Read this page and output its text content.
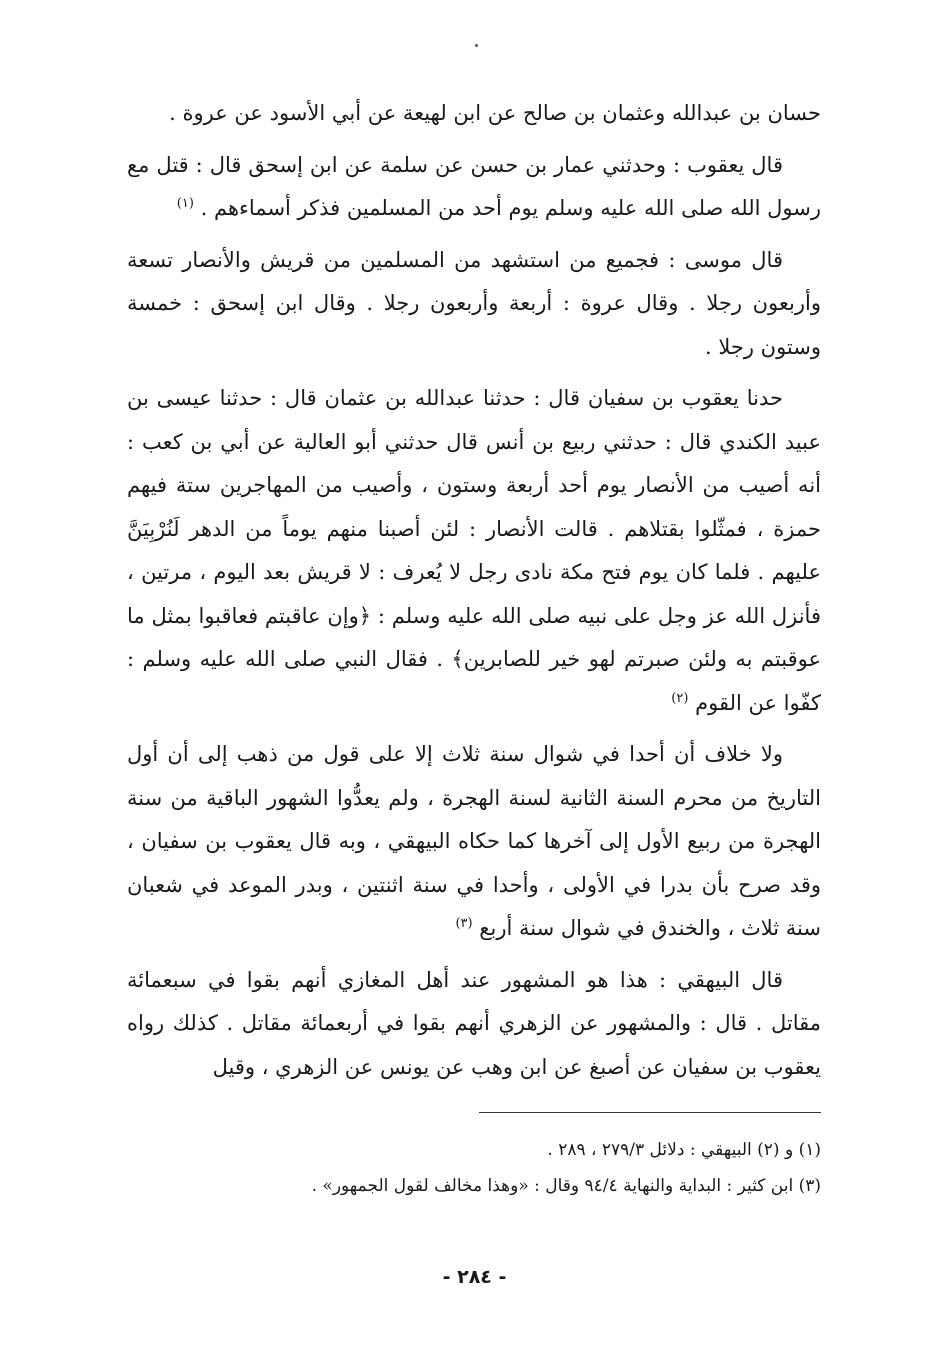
حسان بن عبدالله وعثمان بن صالح عن ابن لهيعة عن أبي الأسود عن عروة .

قال يعقوب : وحدثني عمار بن حسن عن سلمة عن ابن إسحق قال : قتل مع رسول الله صلى الله عليه وسلم يوم أحد من المسلمين فذكر أسماءهم . $^{(١)}$

قال موسى : فجميع من استشهد من المسلمين من قريش والأنصار تسعة وأربعون رجلا . وقال عروة : أربعة وأربعون رجلا . وقال ابن إسحق : خمسة وستون رجلا .

حدنا يعقوب بن سفيان قال : حدثنا عبدالله بن عثمان قال : حدثنا عيسى بن عبيد الكندي قال : حدثني ربيع بن أنس قال حدثني أبو العالية عن أبي بن كعب : أنه أصيب من الأنصار يوم أحد أربعة وستون ، وأصيب من المهاجرين ستة فيهم حمزة ، فمثّلوا بقتلاهم . قالت الأنصار : لئن أصبنا منهم يوماً من الدهر لَنُرْبِيَنَّ عليهم . فلما كان يوم فتح مكة نادى رجل لا يُعرف : لا قريش بعد اليوم ، مرتين ، فأنزل الله عز وجل على نبيه صلى الله عليه وسلم : ﴿وإن عاقبتم فعاقبوا بمثل ما عوقبتم به ولئن صبرتم لهو خير للصابرين﴾ . فقال النبي صلى الله عليه وسلم : كفّوا عن القوم $^{(٢)}$

ولا خلاف أن أحدا في شوال سنة ثلاث إلا على قول من ذهب إلى أن أول التاريخ من محرم السنة الثانية لسنة الهجرة ، ولم يعدُّوا الشهور الباقية من سنة الهجرة من ربيع الأول إلى آخرها كما حكاه البيهقي ، وبه قال يعقوب بن سفيان ، وقد صرح بأن بدرا في الأولى ، وأحدا في سنة اثنتين ، وبدر الموعد في شعبان سنة ثلاث ، والخندق في شوال سنة أربع $^{(٣)}$

قال البيهقي : هذا هو المشهور عند أهل المغازي أنهم بقوا في سبعمائة مقاتل . قال : والمشهور عن الزهري أنهم بقوا في أربعمائة مقاتل . كذلك رواه يعقوب بن سفيان عن أصبغ عن ابن وهب عن يونس عن الزهري ، وقيل

(١) و (٢) البيهقي : دلائل ٢٧٩/٣ ، ٢٨٩ .

(٣) ابن كثير : البداية والنهاية ٩٤/٤ وقال : «وهذا مخالف لقول الجمهور» .

- ٢٨٤ -
